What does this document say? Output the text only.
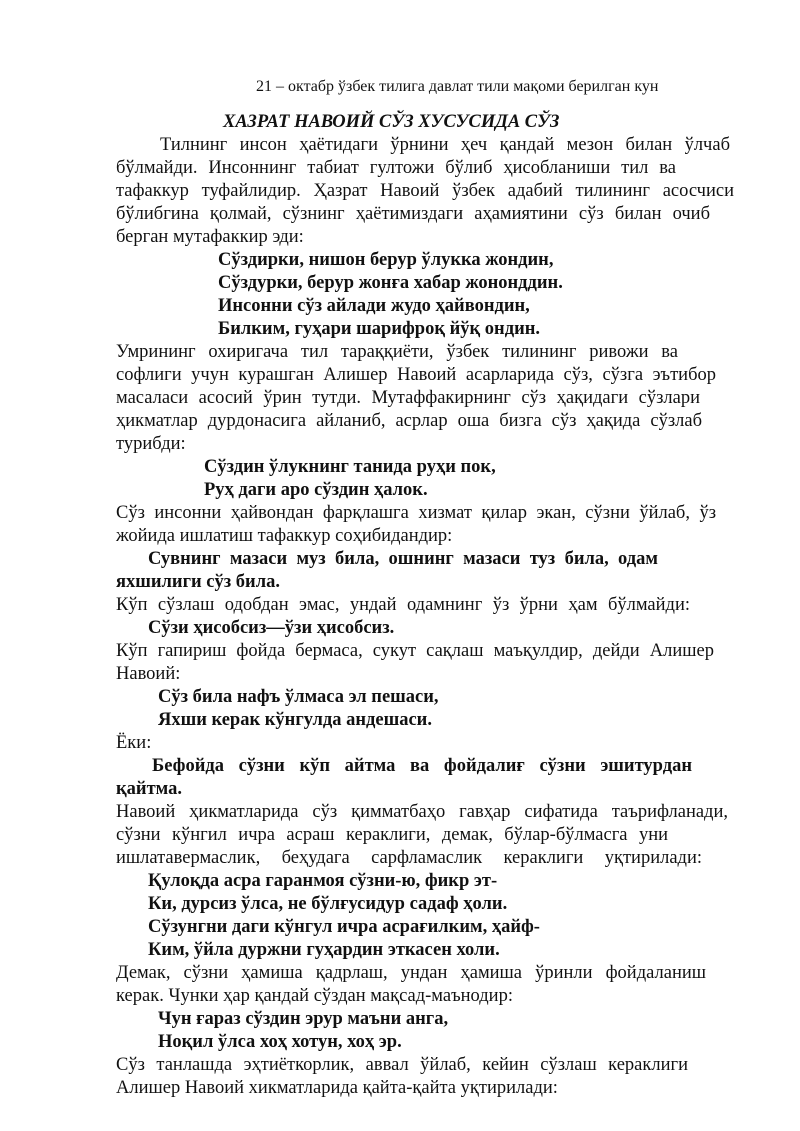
21 – октабр ўзбек тилига давлат тили мақоми берилган кун
ХАЗРАТ НАВОИЙ СЎЗ ХУСУСИДА СЎЗ
Тилнинг инсон ҳаётидаги ўрнини ҳеч қандай мезон билан ўлчаб
бўлмайди. Инсоннинг табиат гултожи бўлиб ҳисобланиши тил ва
тафаккур туфайлидир. Ҳазрат Навоий ўзбек адабий тилининг асосчиси
бўлибгина қолмай, сўзнинг ҳаётимиздаги аҳамиятини сўз билан очиб
берган мутафаккир эди:
Сўздирки, нишон берур ўлукка жондин,
Сўздурки, берур жонға хабар жононддин.
Инсонни сўз айлади жудо ҳайвондин,
Билким, гуҳари шарифроқ йўқ ондин.
Умрининг охиригача тил тараққиёти, ўзбек тилининг ривожи ва
софлиги учун курашган Алишер Навоий асарларида сўз, сўзга эътибор
масаласи асосий ўрин тутди. Мутаффакирнинг сўз ҳақидаги сўзлари
ҳикматлар дурдонасига айланиб, асрлар оша бизга сўз ҳақида сўзлаб
турибди:
Сўздин ўлукнинг танида руҳи пок,
Руҳ даги аро сўздин ҳалок.
Сўз инсонни ҳайвондан фарқлашга хизмат қилар экан, сўзни ўйлаб, ўз
жойида ишлатиш тафаккур соҳибидандир:
Сувнинг мазаси муз била, ошнинг мазаси туз била, одам
яхшилиги сўз била.
Кўп сўзлаш одобдан эмас, ундай одамнинг ўз ўрни ҳам бўлмайди:
Сўзи ҳисобсиз—ўзи ҳисобсиз.
Кўп гапириш фойда бермаса, сукут сақлаш маъқулдир, дейди Алишер
Навоий:
Сўз била нафъ ўлмаса эл пешаси,
Яхши керак кўнгулда андешаси.
Ёки:
Бефойда сўзни кўп айтма ва фойдалиғ сўзни эшитурдан
қайтма.
Навоий ҳикматларида сўз қимматбаҳо гавҳар сифатида таърифланади,
сўзни кўнгил ичра асраш кераклиги, демак, бўлар-бўлмасга уни
ишлатавермаслик, беҳудага сарфламаслик кераклиги уқтирилади:
Қулоқда асра гаранмоя сўзни-ю, фикр эт-
Ки, дурсиз ўлса, не бўлғусидур садаф ҳоли.
Сўзунгни даги кўнгул ичра асрағилким, ҳайф-
Ким, ўйла дуржни гуҳардин эткасен холи.
Демак, сўзни ҳамиша қадрлаш, ундан ҳамиша ўринли фойдаланиш
керак. Чунки ҳар қандай сўздан мақсад-маънодир:
Чун ғараз сўздин эрур маъни анга,
Ноқил ўлса хоҳ хотун, хоҳ эр.
Сўз танлашда эҳтиёткорлик, аввал ўйлаб, кейин сўзлаш кераклиги
Алишер Навоий хикматларида қайта-қайта уқтирилади:
